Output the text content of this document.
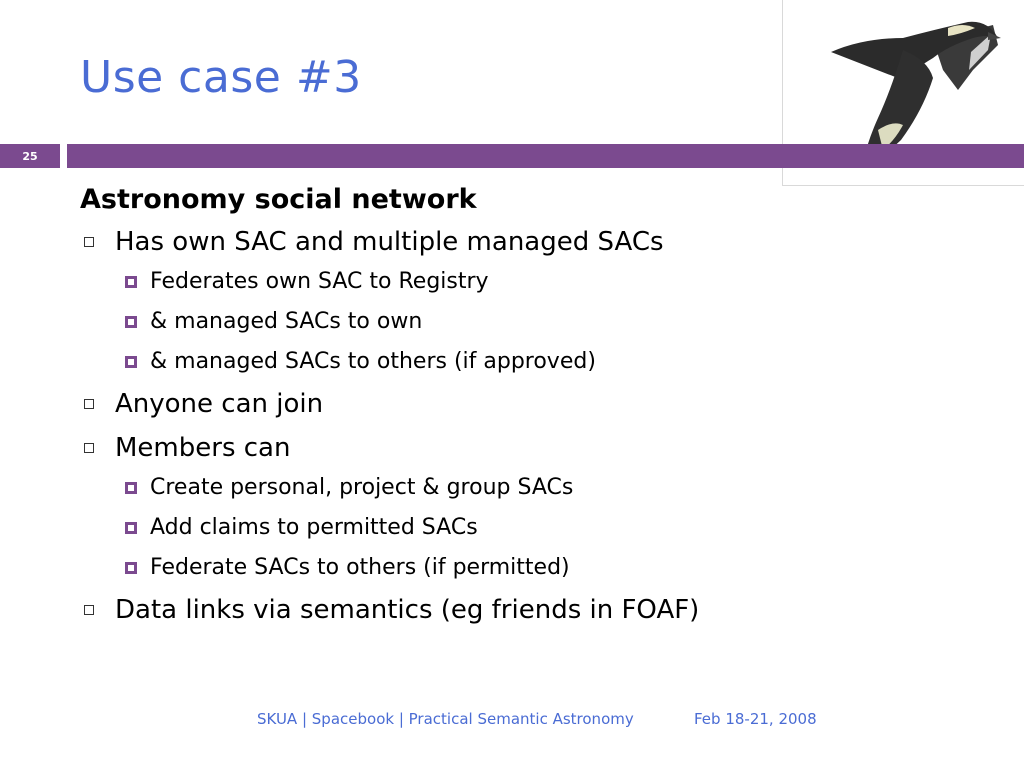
Use case #3
25
Astronomy social network
Has own SAC and multiple managed SACs
Federates own SAC to Registry
& managed SACs to own
& managed SACs to others (if approved)
Anyone can join
Members can
Create personal, project & group SACs
Add claims to permitted SACs
Federate SACs to others (if permitted)
Data links via semantics (eg friends in FOAF)
SKUA | Spacebook | Practical Semantic Astronomy	Feb 18-21, 2008
